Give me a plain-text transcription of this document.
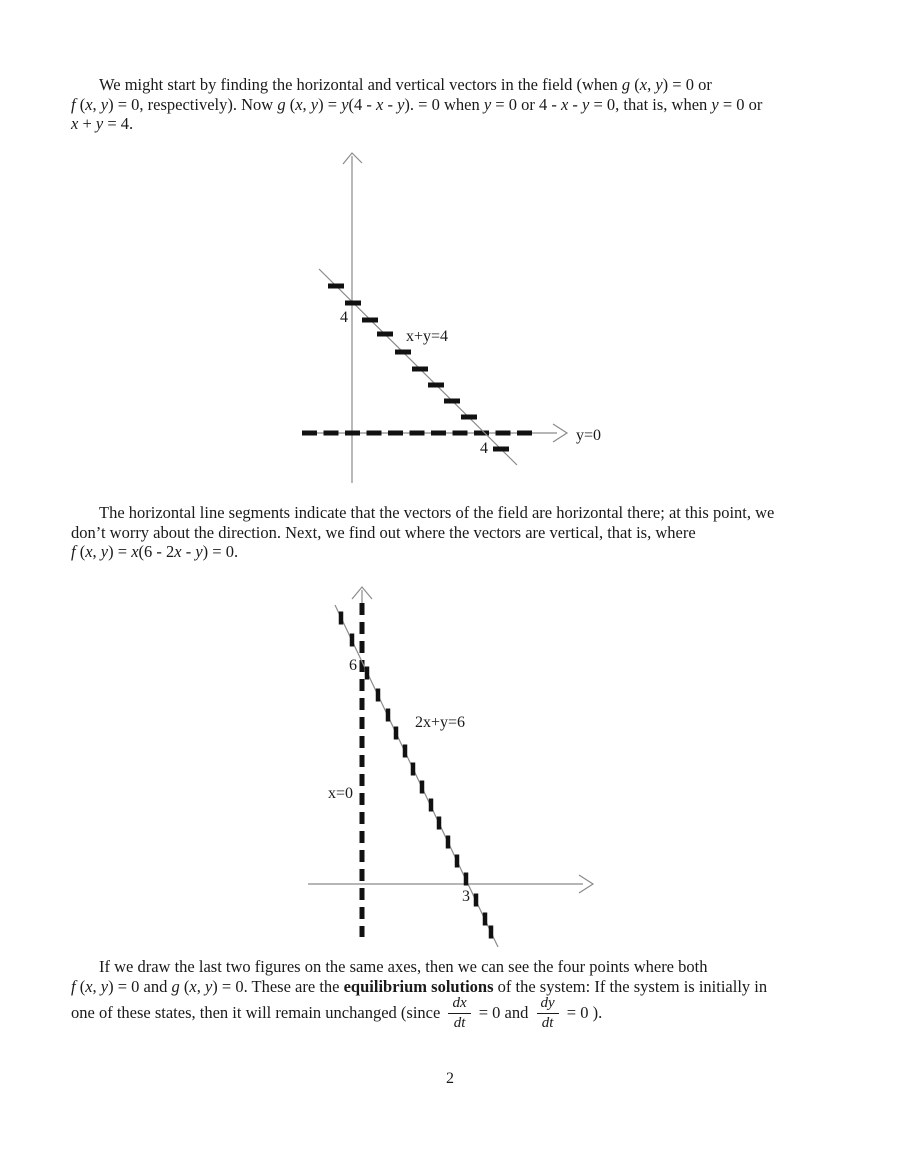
We might start by finding the horizontal and vertical vectors in the field (when g (x, y) = 0 or
f (x, y) = 0, respectively). Now g (x, y) = y(4 - x - y). = 0 when y = 0 or 4 - x - y = 0, that is, when y = 0 or
x + y = 4.
4
x+y=4
4
y=0
The horizontal line segments indicate that the vectors of the field are horizontal there; at this point, we
don’t worry about the direction. Next, we find out where the vectors are vertical, that is, where
f (x, y) = x(6 - 2x - y) = 0.
6
2x+y=6
x=0
3
If we draw the last two figures on the same axes, then we can see the four points where both
f (x, y) = 0 and g (x, y) = 0. These are the equilibrium solutions of the system: If the system is initially in
one of these states, then it will remain unchanged (since $\frac{dx}{dt} = 0$ and $\frac{dy}{dt} = 0$ ).
2
